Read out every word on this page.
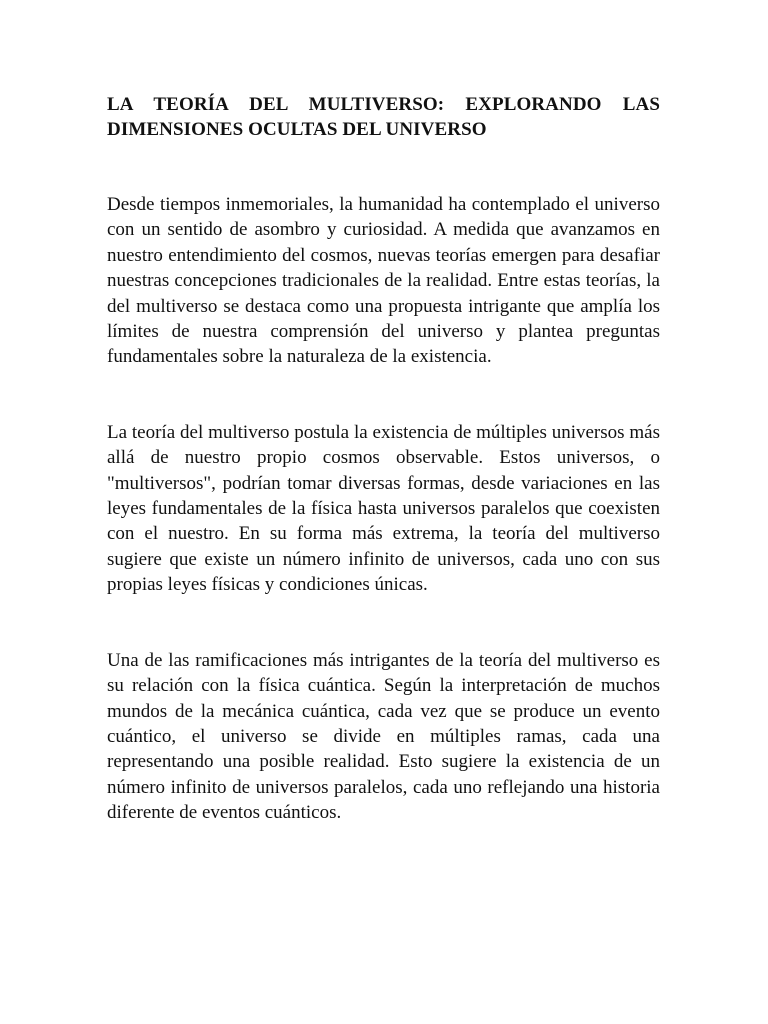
LA TEORÍA DEL MULTIVERSO: EXPLORANDO LAS DIMENSIONES OCULTAS DEL UNIVERSO

Desde tiempos inmemoriales, la humanidad ha contemplado el universo con un sentido de asombro y curiosidad. A medida que avanzamos en nuestro entendimiento del cosmos, nuevas teorías emergen para desafiar nuestras concepciones tradicionales de la realidad. Entre estas teorías, la del multiverso se destaca como una propuesta intrigante que amplía los límites de nuestra comprensión del universo y plantea preguntas fundamentales sobre la naturaleza de la existencia.

La teoría del multiverso postula la existencia de múltiples universos más allá de nuestro propio cosmos observable. Estos universos, o "multiversos", podrían tomar diversas formas, desde variaciones en las leyes fundamentales de la física hasta universos paralelos que coexisten con el nuestro. En su forma más extrema, la teoría del multiverso sugiere que existe un número infinito de universos, cada uno con sus propias leyes físicas y condiciones únicas.

Una de las ramificaciones más intrigantes de la teoría del multiverso es su relación con la física cuántica. Según la interpretación de muchos mundos de la mecánica cuántica, cada vez que se produce un evento cuántico, el universo se divide en múltiples ramas, cada una representando una posible realidad. Esto sugiere la existencia de un número infinito de universos paralelos, cada uno reflejando una historia diferente de eventos cuánticos.
